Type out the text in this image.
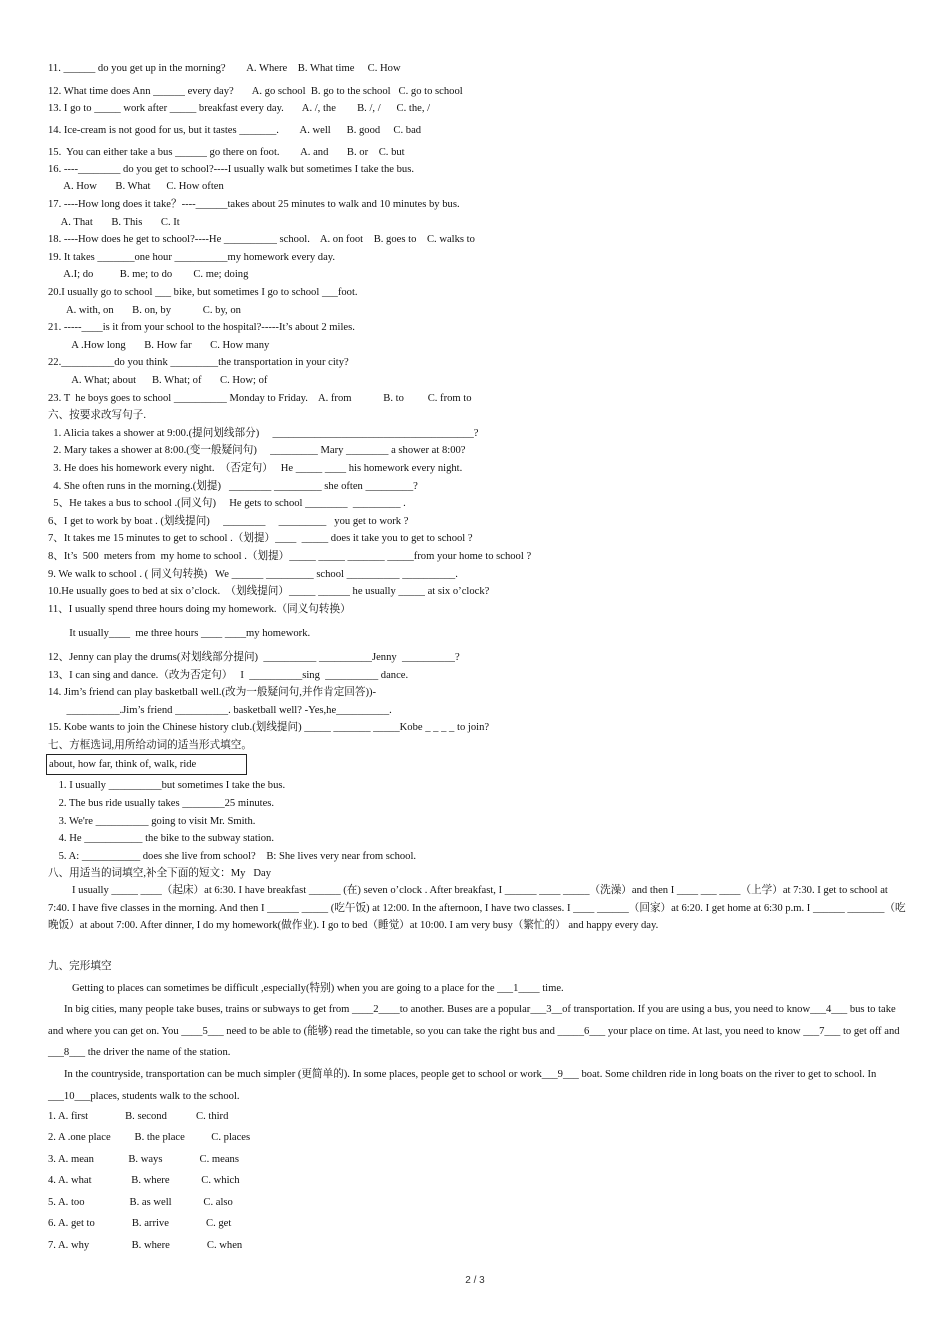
11. ______ do you get up in the morning?        A. Where    B. What time     C. How
12. What time does Ann ______ every day?       A. go school  B. go to the school   C. go to school
13. I go to _____ work after _____ breakfast every day.       A. /, the        B. /, /      C. the, /
14. Ice-cream is not good for us, but it tastes _______.        A. well      B. good     C. bad
15.  You can either take a bus ______ go there on foot.        A. and       B. or    C. but
16. ----________ do you get to school?----I usually walk but sometimes I take the bus.
A. How       B. What      C. How often
17. ----How long does it take？----______takes about 25 minutes to walk and 10 minutes by bus.
A. That       B. This       C. It
18. ----How does he get to school?----He __________ school.    A. on foot    B. goes to    C. walks to
19. It takes _______one hour __________my homework every day.
A.I; do          B. me; to do        C. me; doing
20.I usually go to school ___ bike, but sometimes I go to school ___foot.
A. with, on       B. on, by            C. by, on
21. -----____is it from your school to the hospital?-----It’s about 2 miles.
A .How long       B. How far       C. How many
22.__________do you think _________the transportation in your city?
A. What; about      B. What; of       C. How; of
23. T  he boys goes to school __________ Monday to Friday.    A. from            B. to         C. from to
六、按要求改写句子.
1. Alicia takes a shower at 9:00.(提问划线部分)     ______________________________________?
2. Mary takes a shower at 8:00.(变一般疑问句)     _________ Mary ________ a shower at 8:00?
3. He does his homework every night.  （否定句）   He _____ ____ his homework every night.
4. She often runs in the morning.(划提)   ________ _________ she often _________?
5、He takes a bus to school .(同义句)     He gets to school ________  _________ .
6、I get to work by boat . (划线提问)     ________     _________   you get to work ?
7、It takes me 15 minutes to get to school .（划提）____  _____ does it take you to get to school ?
8、It’s  500  meters from  my home to school .（划提）_____ _____ _______ _____from your home to school ?
9. We walk to school . ( 同义句转换)   We ______ _________ school __________ __________.
10.He usually goes to bed at six o’clock.  （划线提问）_____ ______ he usually _____ at six o’clock?
11、I usually spend three hours doing my homework.（同义句转换）
It usually____  me three hours ____ ____my homework.
12、Jenny can play the drums(对划线部分提问)  __________ __________Jenny  __________?
13、I can sing and dance.（改为否定句）   I  __________sing  __________ dance.
14. Jim’s friend can play basketball well.(改为一般疑问句,并作肯定回答))-
__________.Jim’s friend __________. basketball well? -Yes,he__________.
15. Kobe wants to join the Chinese history club.(划线提问) _____ _______ _____Kobe _ _ _ _ to join?
七、方框选词,用所给动词的适当形式填空。
about, how far, think of, walk, ride
1. I usually __________but sometimes I take the bus.
2. The bus ride usually takes ________25 minutes.
3. We're __________ going to visit Mr. Smith.
4. He ___________ the bike to the subway station.
5. A: ___________ does she live from school?    B: She lives very near from school.
八、用适当的词填空,补全下面的短文：My   Day
I usually _____ ____（起床）at 6:30. I have breakfast ______ (在) seven o’clock . After breakfast, I ______ ____ _____（洗澡）and then I ____ ___ ____（上学）at 7:30. I get to school at 7:40. I have five classes in the morning. And then I ______ _____ (吃午饭) at 12:00. In the afternoon, I have two classes. I ____ ______（回家）at 6:20. I get home at 6:30 p.m. I ______ _______（吃晚饭）at about 7:00. After dinner, I do my homework(做作业). I go to bed（睡觉）at 10:00. I am very busy（繁忙的） and happy every day.
九、完形填空
Getting to places can sometimes be difficult ,especially(特别) when you are going to a place for the ___1____ time.
In big cities, many people take buses, trains or subways to get from ____2____to another. Buses are a popular___3__of transportation. If you are using a bus, you need to know___4___ bus to take and where you can get on. You ____5___ need to be able to (能够) read the timetable, so you can take the right bus and _____6___ your place on time. At last, you need to know ___7___ to get off and ___8___ the driver the name of the station.
In the countryside, transportation can be much simpler (更简单的). In some places, people get to school or work___9___ boat. Some children ride in long boats on the river to get to school. In ___10___places, students walk to the school.
1. A. first              B. second           C. third
2. A .one place         B. the place          C. places
3. A. mean             B. ways              C. means
4. A. what               B. where            C. which
5. A. too                 B. as well            C. also
6. A. get to              B. arrive              C. get
7. A. why                B. where              C. when
2 / 3
